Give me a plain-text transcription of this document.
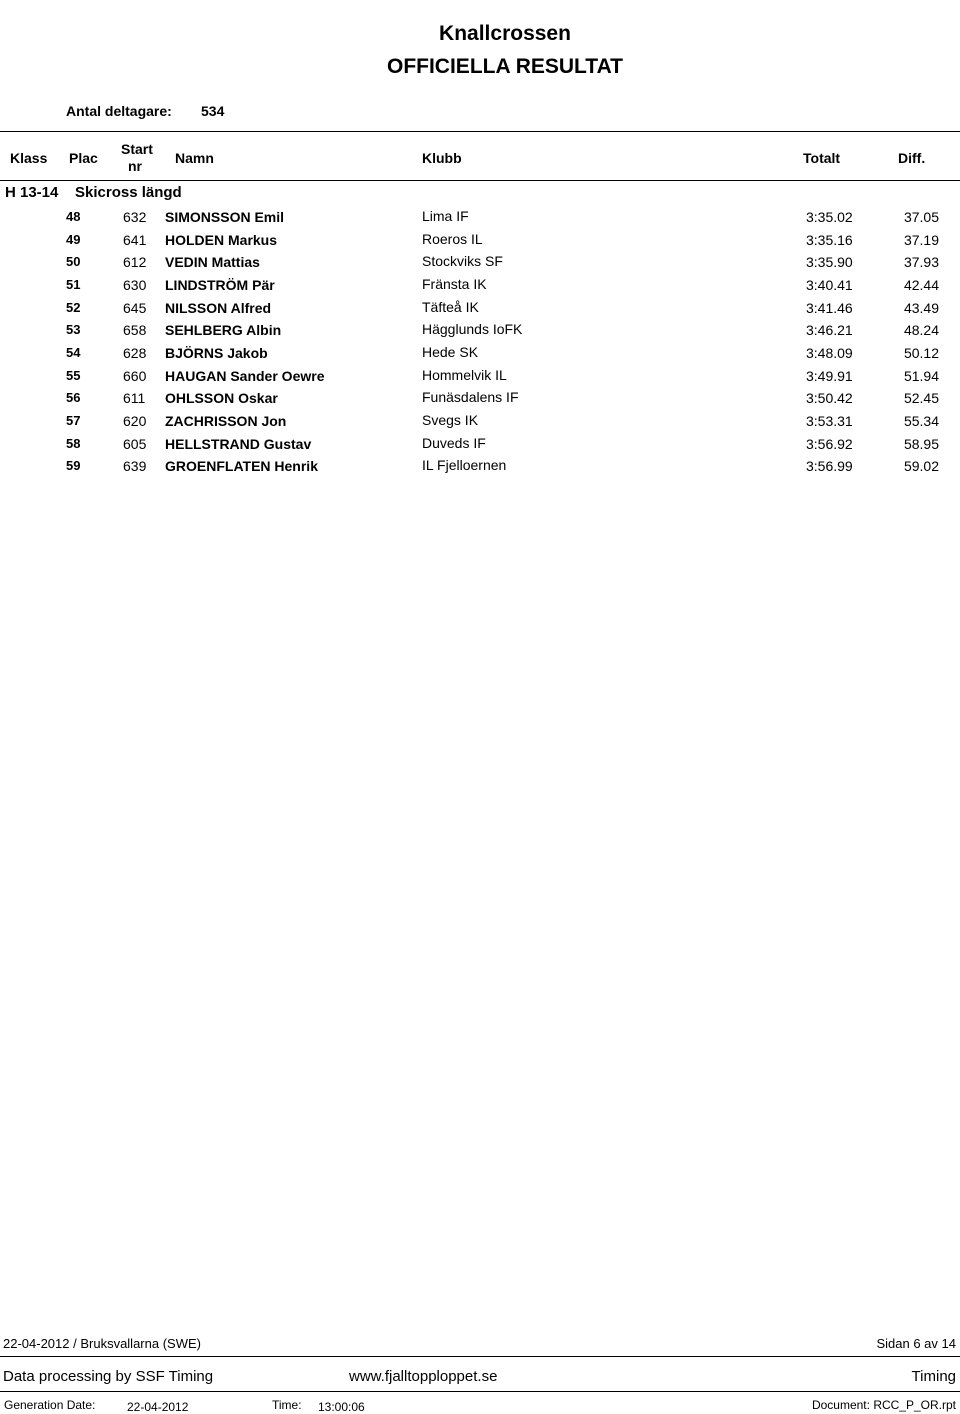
Knallcrossen
OFFICIELLA RESULTAT
Antal deltagare: 534
Klass Plac
Start
nr Namn	Klubb	Totalt	Diff.
H 13-14 Skicross längd
48	632 SIMONSSON Emil	Lima IF	3:35.02	37.05
49	641 HOLDEN Markus	Roeros IL	3:35.16	37.19
50	612 VEDIN Mattias	Stockviks SF	3:35.90	37.93
51	630 LINDSTRÖM Pär	Fränsta IK	3:40.41	42.44
52	645 NILSSON Alfred	Täfteå IK	3:41.46	43.49
53	658 SEHLBERG Albin	Hägglunds IoFK	3:46.21	48.24
54	628 BJÖRNS Jakob	Hede SK	3:48.09	50.12
55	660 HAUGAN Sander Oewre	Hommelvik IL	3:49.91	51.94
56	611 OHLSSON Oskar	Funäsdalens IF	3:50.42	52.45
57	620 ZACHRISSON Jon	Svegs IK	3:53.31	55.34
58	605 HELLSTRAND Gustav	Duveds IF	3:56.92	58.95
59	639 GROENFLATEN Henrik	IL Fjelloernen	3:56.99	59.02
22-04-2012 / Bruksvallarna (SWE)	Sidan 6 av 14
Data processing by SSF Timing	www.fjalltopploppet.se	Timing
Generation Date:	22-04-2012	Time: 13:00:06	Document: RCC_P_OR.rpt
